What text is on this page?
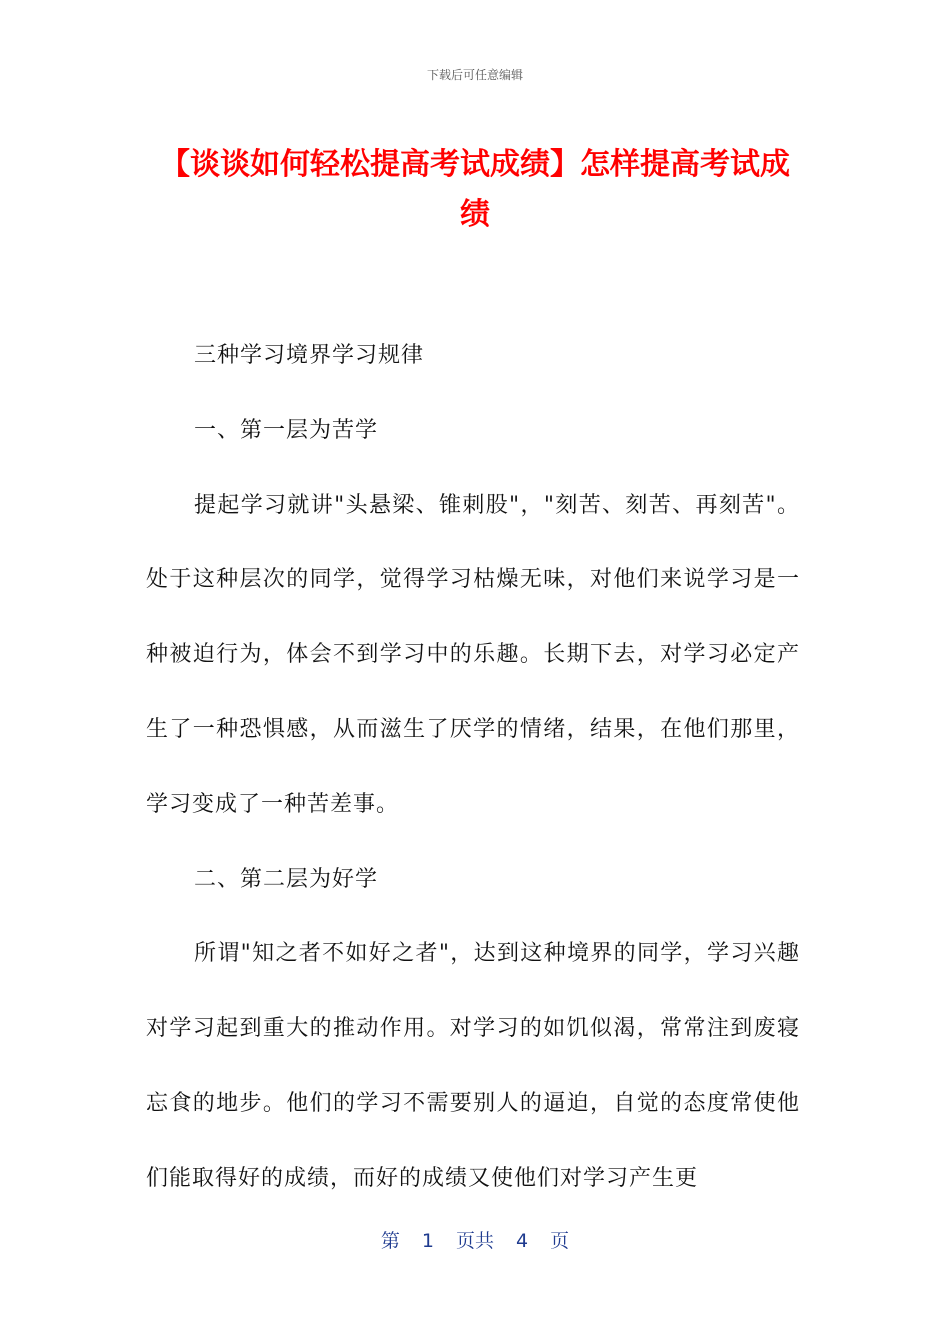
下载后可任意编辑
【谈谈如何轻松提高考试成绩】怎样提高考试成绩

三种学习境界学习规律

一、第一层为苦学

提起学习就讲"头悬梁、锥刺股"，"刻苦、刻苦、再刻苦"。处于这种层次的同学，觉得学习枯燥无味，对他们来说学习是一种被迫行为，体会不到学习中的乐趣。长期下去，对学习必定产生了一种恐惧感，从而滋生了厌学的情绪，结果，在他们那里，学习变成了一种苦差事。

二、第二层为好学

所谓"知之者不如好之者"，达到这种境界的同学，学习兴趣对学习起到重大的推动作用。对学习的如饥似渴，常常注到废寝忘食的地步。他们的学习不需要别人的逼迫，自觉的态度常使他们能取得好的成绩，而好的成绩又使他们对学习产生更

第 1 页共 4 页
